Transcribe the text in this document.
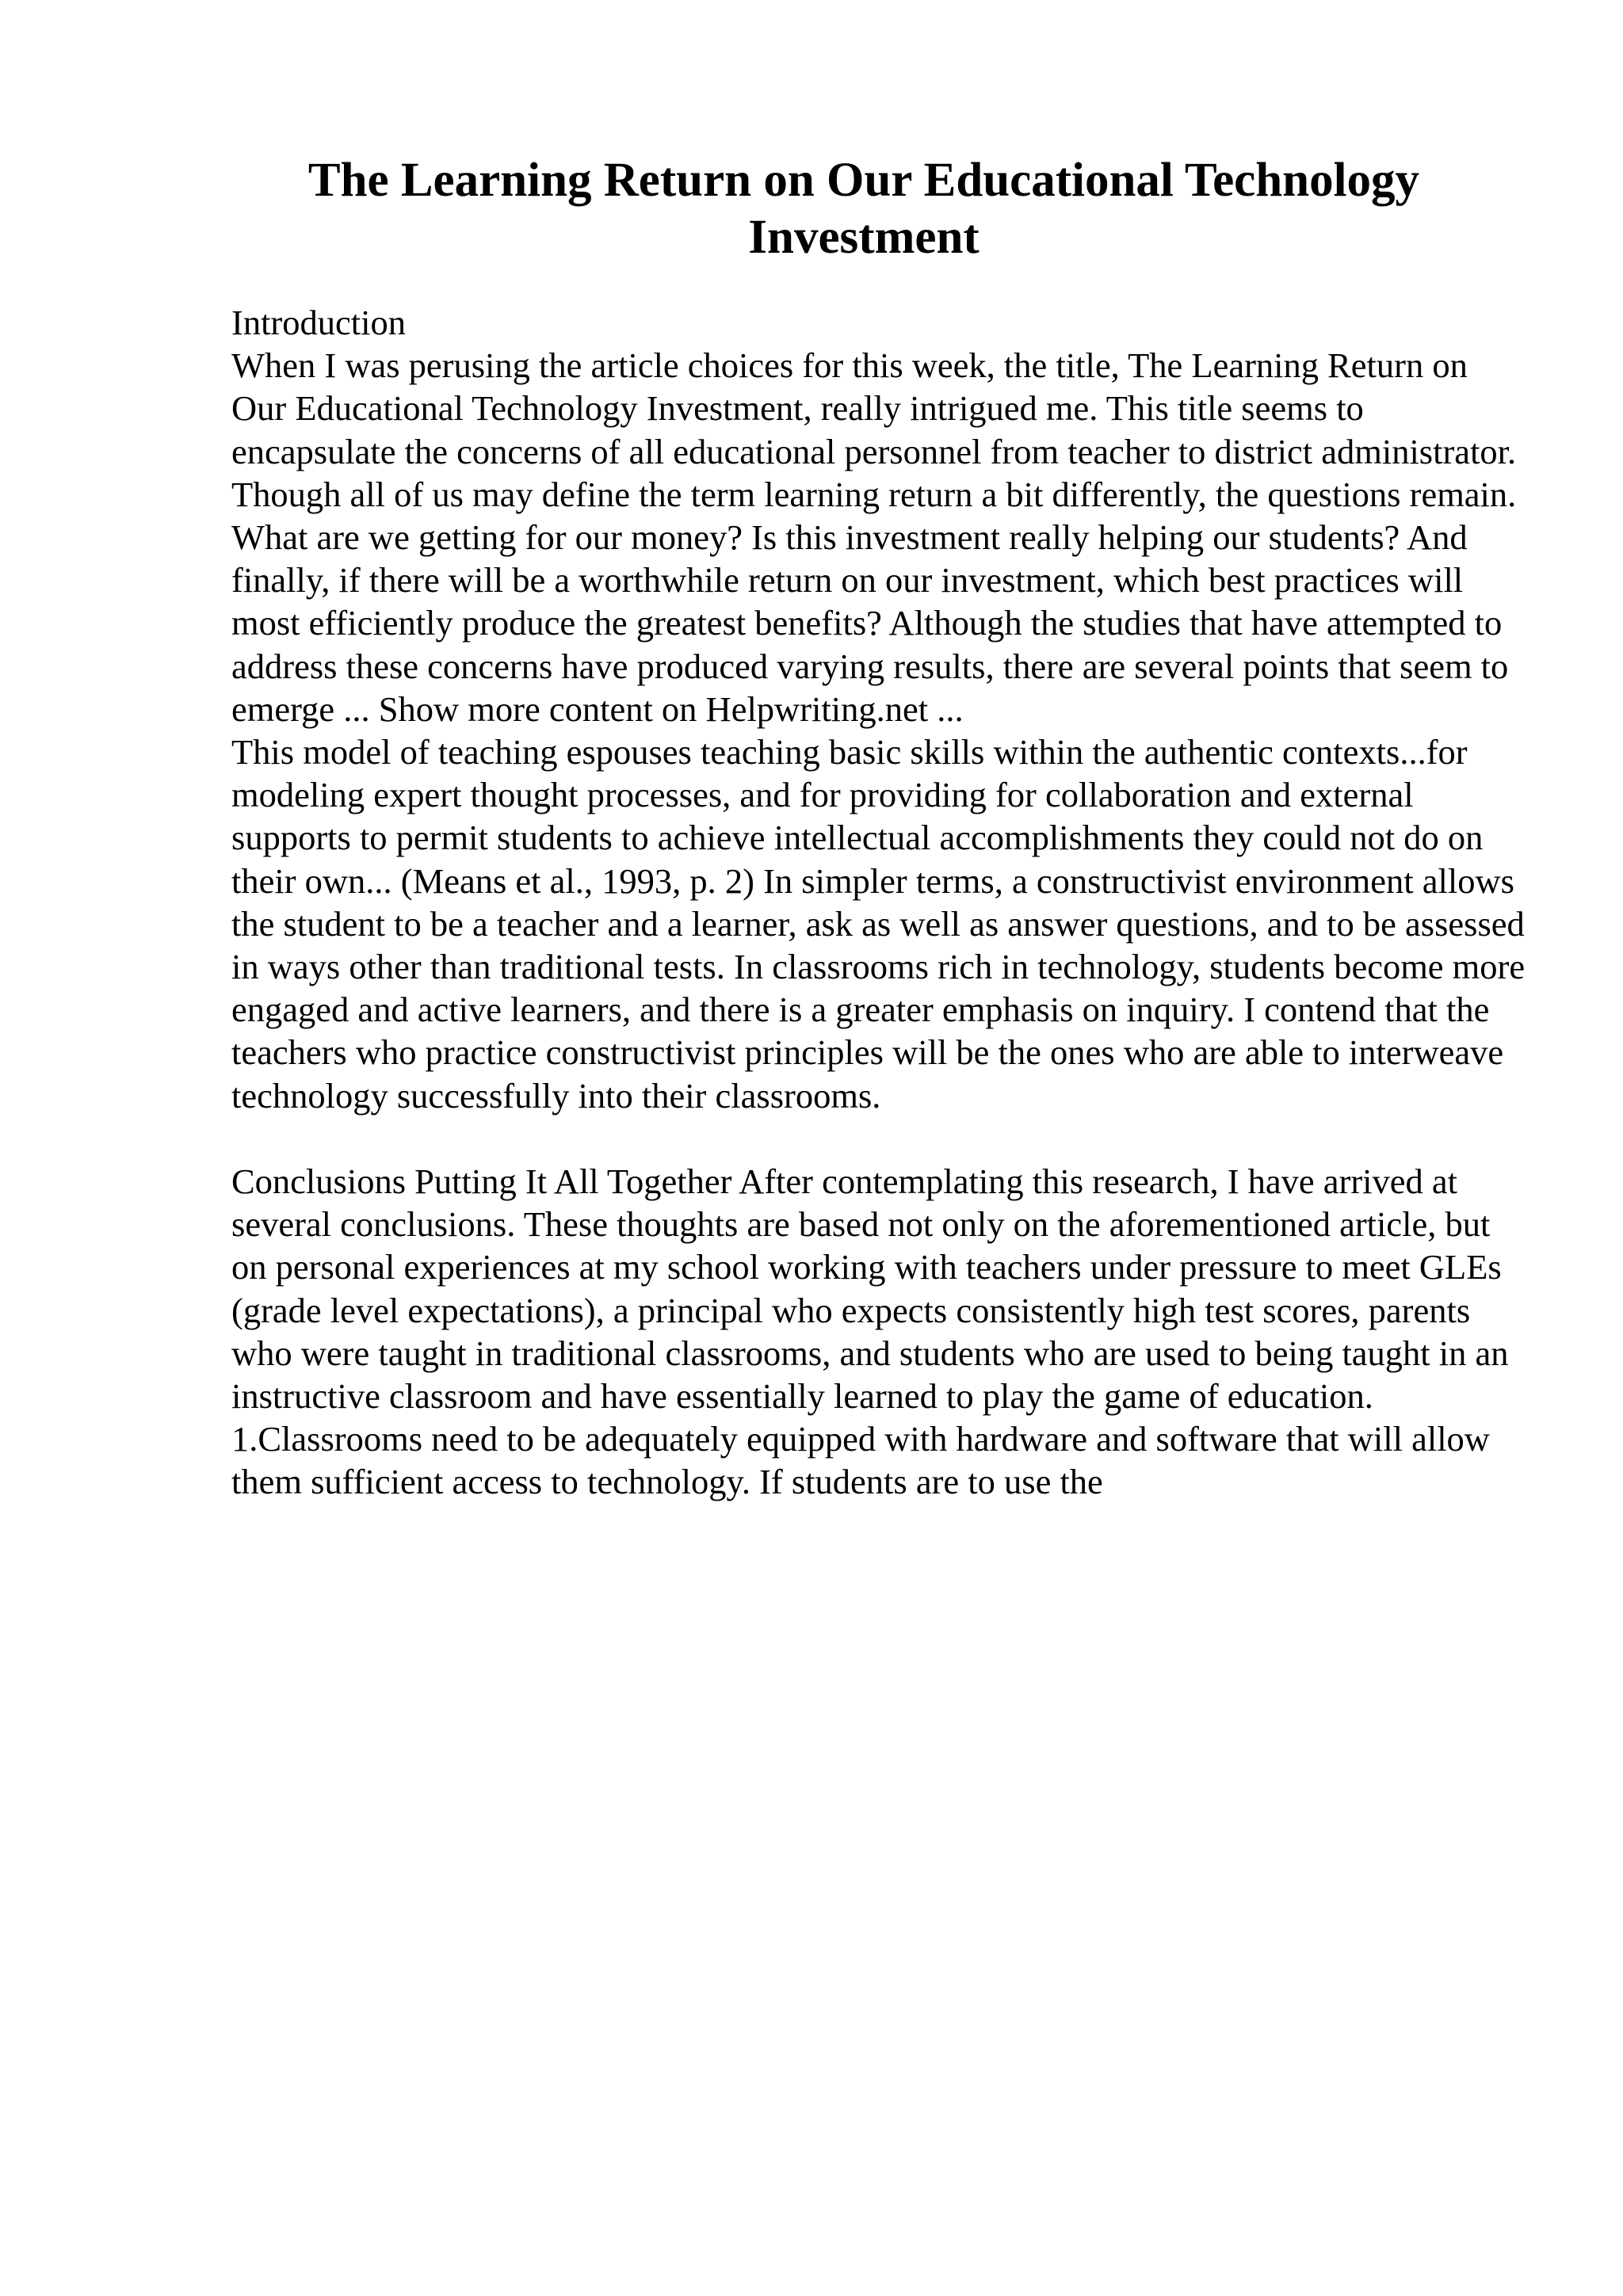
The Learning Return on Our Educational Technology Investment

Introduction

When I was perusing the article choices for this week, the title, The Learning Return on Our Educational Technology Investment, really intrigued me. This title seems to encapsulate the concerns of all educational personnel from teacher to district administrator. Though all of us may define the term learning return a bit differently, the questions remain. What are we getting for our money? Is this investment really helping our students? And finally, if there will be a worthwhile return on our investment, which best practices will most efficiently produce the greatest benefits? Although the studies that have attempted to address these concerns have produced varying results, there are several points that seem to emerge ... Show more content on Helpwriting.net ...

This model of teaching espouses teaching basic skills within the authentic contexts...for modeling expert thought processes, and for providing for collaboration and external supports to permit students to achieve intellectual accomplishments they could not do on their own... (Means et al., 1993, p. 2) In simpler terms, a constructivist environment allows the student to be a teacher and a learner, ask as well as answer questions, and to be assessed in ways other than traditional tests. In classrooms rich in technology, students become more engaged and active learners, and there is a greater emphasis on inquiry. I contend that the teachers who practice constructivist principles will be the ones who are able to interweave technology successfully into their classrooms.

Conclusions Putting It All Together After contemplating this research, I have arrived at several conclusions. These thoughts are based not only on the aforementioned article, but on personal experiences at my school working with teachers under pressure to meet GLEs (grade level expectations), a principal who expects consistently high test scores, parents who were taught in traditional classrooms, and students who are used to being taught in an instructive classroom and have essentially learned to play the game of education. 1.Classrooms need to be adequately equipped with hardware and software that will allow them sufficient access to technology. If students are to use the
